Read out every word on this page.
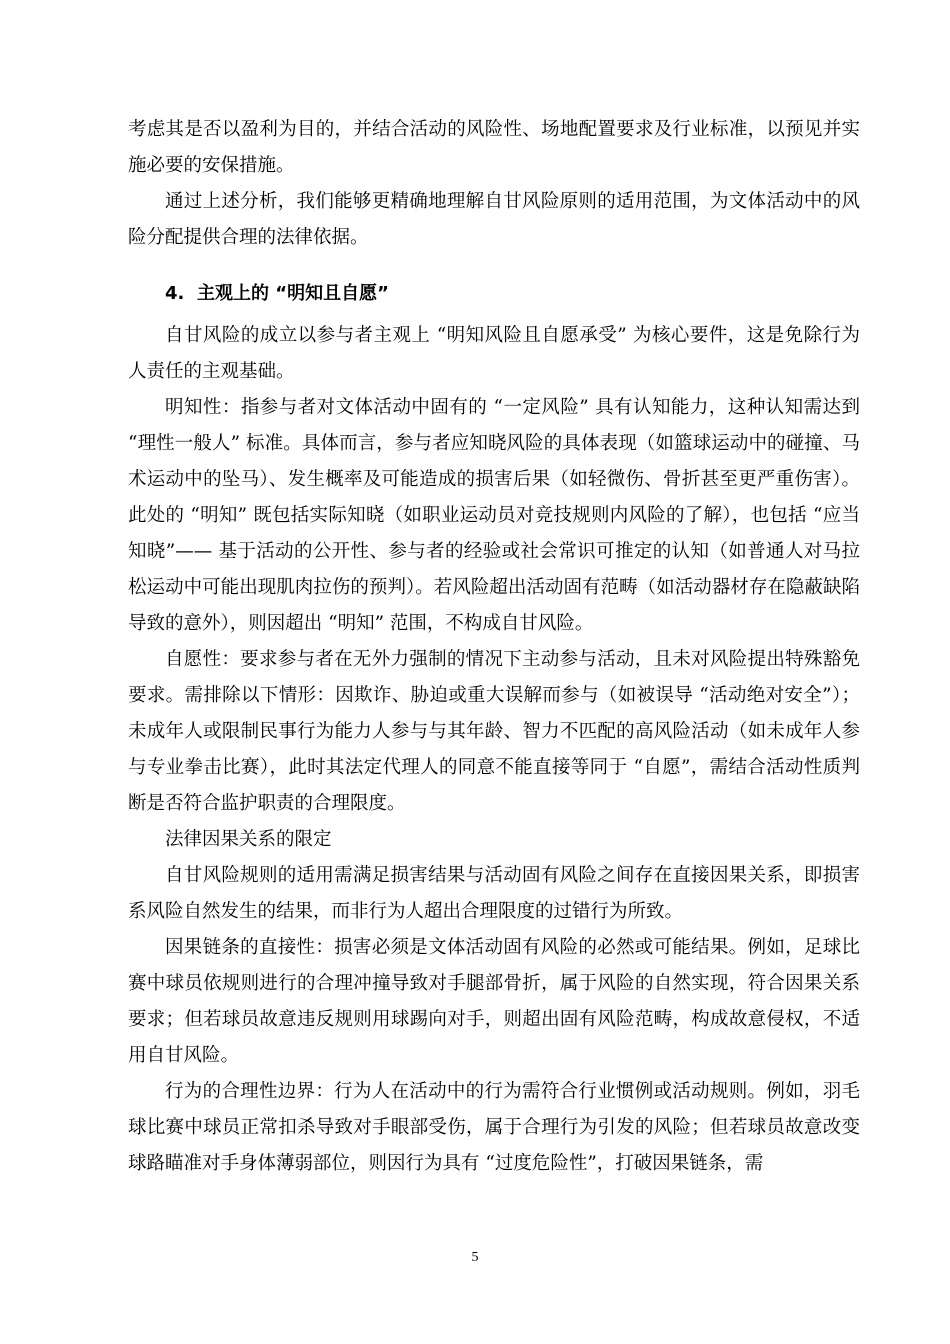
考虑其是否以盈利为目的，并结合活动的风险性、场地配置要求及行业标准，以预见并实施必要的安保措施。

通过上述分析，我们能够更精确地理解自甘风险原则的适用范围，为文体活动中的风险分配提供合理的法律依据。

4. 主观上的 “明知且自愿”

自甘风险的成立以参与者主观上 “明知风险且自愿承受” 为核心要件，这是免除行为人责任的主观基础。

明知性：指参与者对文体活动中固有的 “一定风险” 具有认知能力，这种认知需达到 “理性一般人” 标准。具体而言，参与者应知晓风险的具体表现（如篮球运动中的碰撞、马术运动中的坠马）、发生概率及可能造成的损害后果（如轻微伤、骨折甚至更严重伤害）。此处的 “明知” 既包括实际知晓（如职业运动员对竞技规则内风险的了解），也包括 “应当知晓”—— 基于活动的公开性、参与者的经验或社会常识可推定的认知（如普通人对马拉松运动中可能出现肌肉拉伤的预判）。若风险超出活动固有范畴（如活动器材存在隐蔽缺陷导致的意外），则因超出 “明知” 范围，不构成自甘风险。

自愿性：要求参与者在无外力强制的情况下主动参与活动，且未对风险提出特殊豁免要求。需排除以下情形：因欺诈、胁迫或重大误解而参与（如被误导 “活动绝对安全”）；未成年人或限制民事行为能力人参与与其年龄、智力不匹配的高风险活动（如未成年人参与专业拳击比赛），此时其法定代理人的同意不能直接等同于 “自愿”，需结合活动性质判断是否符合监护职责的合理限度。

法律因果关系的限定

自甘风险规则的适用需满足损害结果与活动固有风险之间存在直接因果关系，即损害系风险自然发生的结果，而非行为人超出合理限度的过错行为所致。

因果链条的直接性：损害必须是文体活动固有风险的必然或可能结果。例如，足球比赛中球员依规则进行的合理冲撞导致对手腿部骨折，属于风险的自然实现，符合因果关系要求；但若球员故意违反规则用球踢向对手，则超出固有风险范畴，构成故意侵权，不适用自甘风险。

行为的合理性边界：行为人在活动中的行为需符合行业惯例或活动规则。例如，羽毛球比赛中球员正常扣杀导致对手眼部受伤，属于合理行为引发的风险；但若球员故意改变球路瞄准对手身体薄弱部位，则因行为具有 “过度危险性”，打破因果链条，需

5
